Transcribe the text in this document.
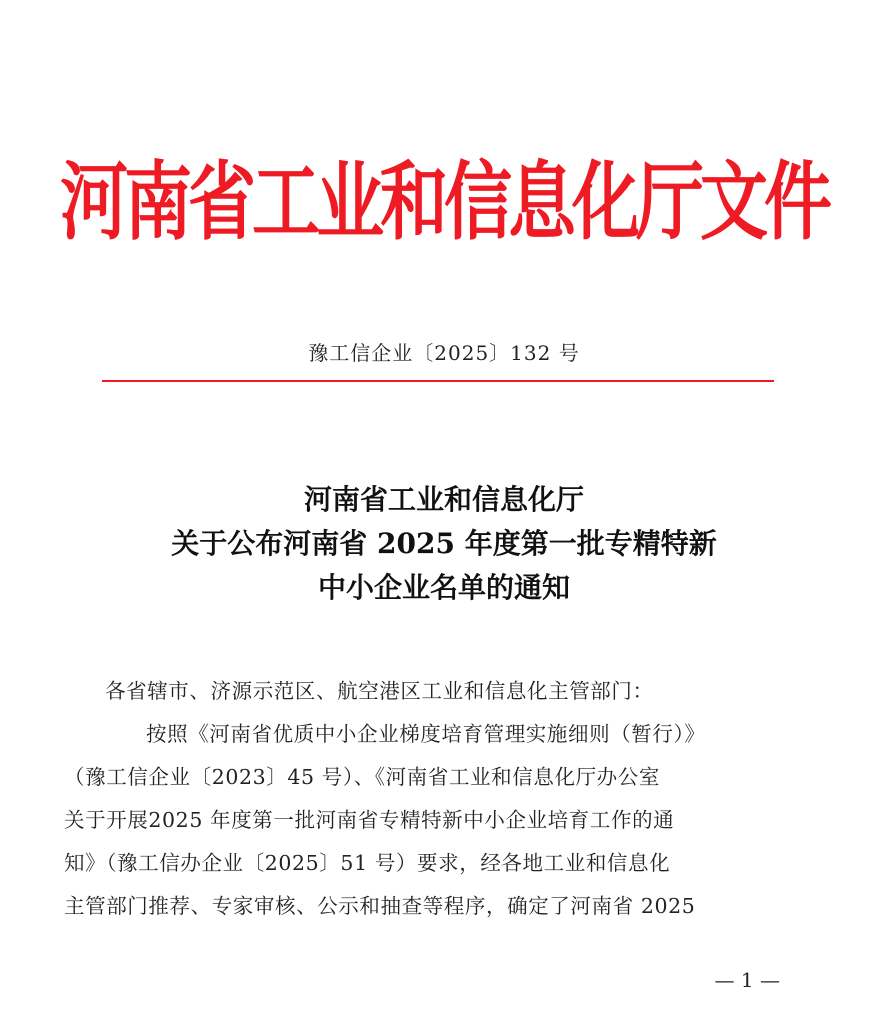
河南省工业和信息化厅文件
豫工信企业〔2025〕132 号
河南省工业和信息化厅
关于公布河南省 2025 年度第一批专精特新
中小企业名单的通知

各省辖市、济源示范区、航空港区工业和信息化主管部门：

按照《河南省优质中小企业梯度培育管理实施细则（暂行）》
（豫工信企业〔2023〕45 号）、《河南省工业和信息化厅办公室
关于开展2025 年度第一批河南省专精特新中小企业培育工作的通
知》（豫工信办企业〔2025〕51 号）要求，经各地工业和信息化
主管部门推荐、专家审核、公示和抽查等程序，确定了河南省 2025

— 1 —
